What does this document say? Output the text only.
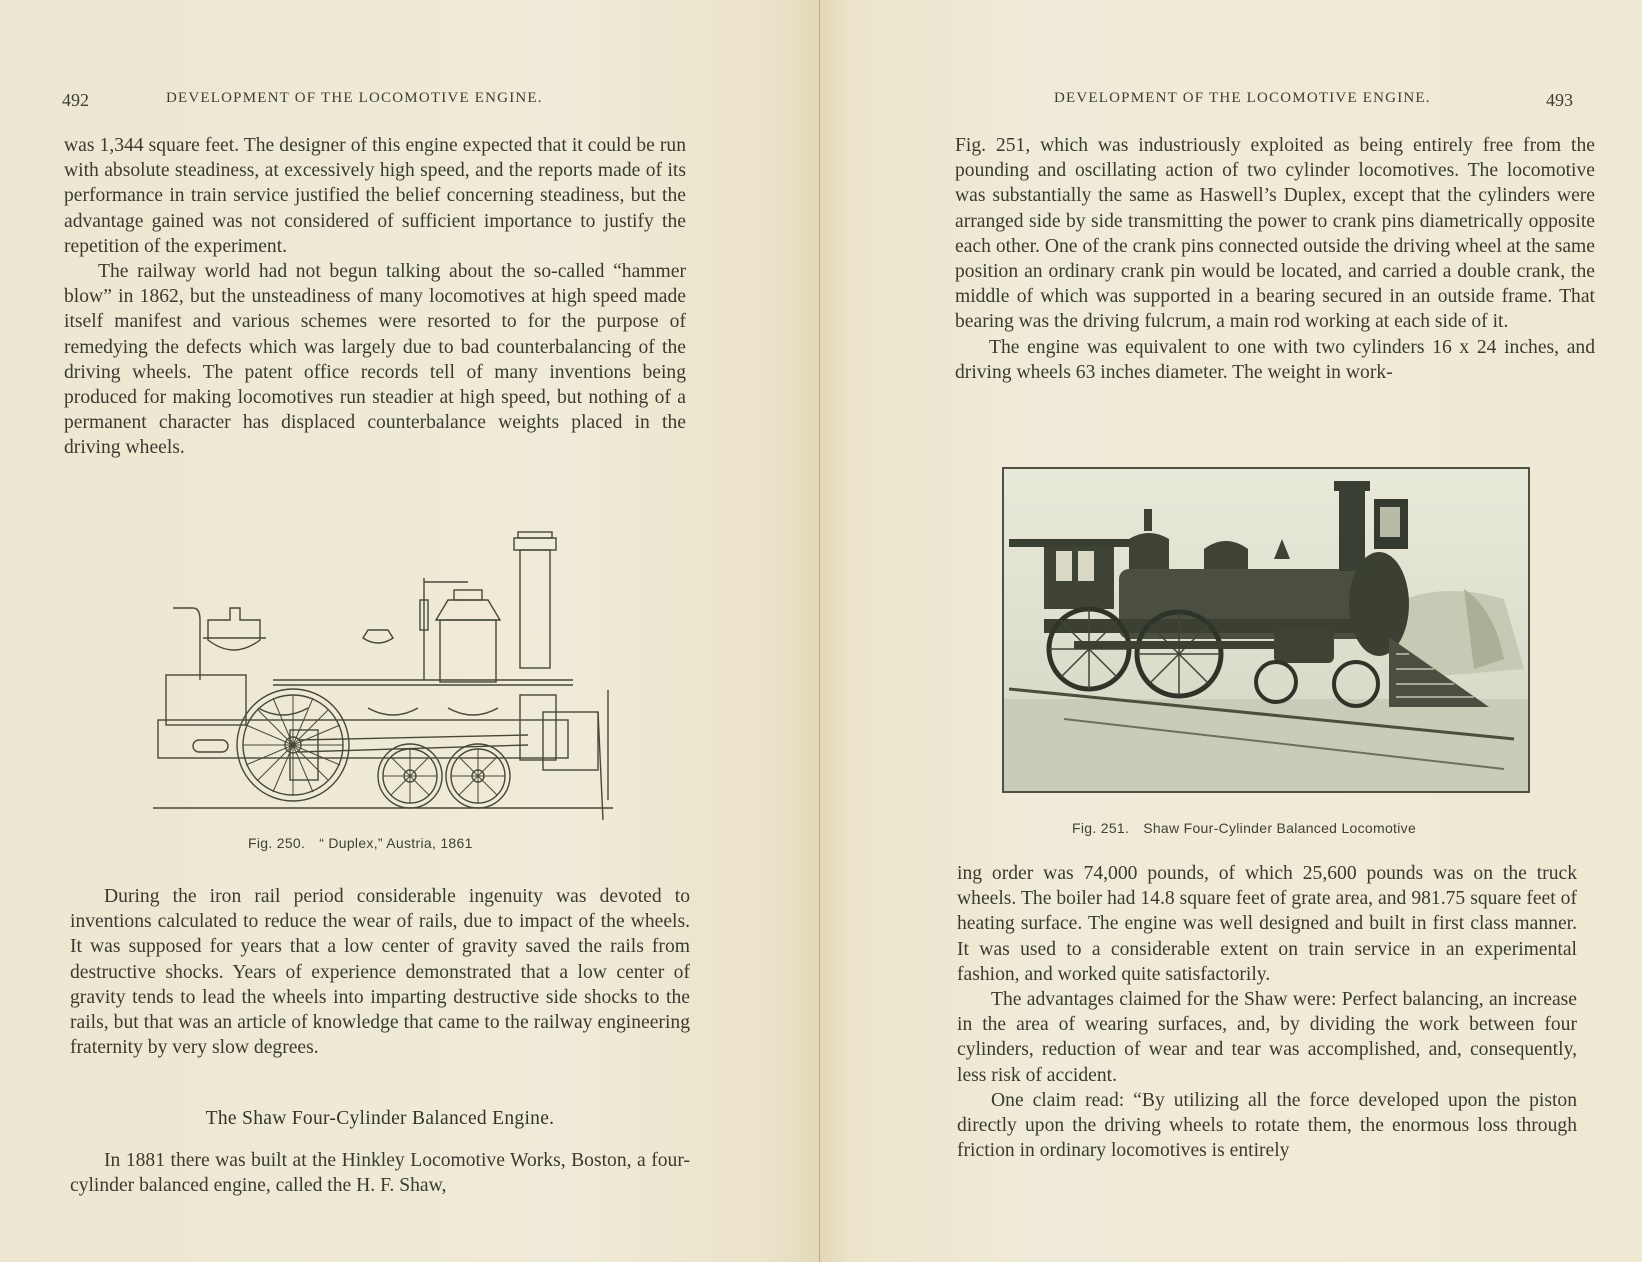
492	DEVELOPMENT OF THE LOCOMOTIVE ENGINE.

was 1,344 square feet. The designer of this engine expected that it could be run with absolute steadiness, at excessively high speed, and the reports made of its performance in train service justified the belief concerning steadiness, but the advantage gained was not considered of sufficient importance to justify the repetition of the experiment.

The railway world had not begun talking about the so-called “hammer blow” in 1862, but the unsteadiness of many locomotives at high speed made itself manifest and various schemes were resorted to for the purpose of remedying the defects which was largely due to bad counterbalancing of the driving wheels. The patent office records tell of many inventions being produced for making locomotives run steadier at high speed, but nothing of a permanent character has displaced counterbalance weights placed in the driving wheels.

Fig. 250. “ Duplex,” Austria, 1861

During the iron rail period considerable ingenuity was devoted to inventions calculated to reduce the wear of rails, due to impact of the wheels. It was supposed for years that a low center of gravity saved the rails from destructive shocks. Years of experience demonstrated that a low center of gravity tends to lead the wheels into imparting destructive side shocks to the rails, but that was an article of knowledge that came to the railway engineering fraternity by very slow degrees.

The Shaw Four-Cylinder Balanced Engine.

In 1881 there was built at the Hinkley Locomotive Works, Boston, a four-cylinder balanced engine, called the H. F. Shaw,

DEVELOPMENT OF THE LOCOMOTIVE ENGINE.	493

Fig. 251, which was industriously exploited as being entirely free from the pounding and oscillating action of two cylinder locomotives. The locomotive was substantially the same as Haswell’s Duplex, except that the cylinders were arranged side by side transmitting the power to crank pins diametrically opposite each other. One of the crank pins connected outside the driving wheel at the same position an ordinary crank pin would be located, and carried a double crank, the middle of which was supported in a bearing secured in an outside frame. That bearing was the driving fulcrum, a main rod working at each side of it.

The engine was equivalent to one with two cylinders 16 x 24 inches, and driving wheels 63 inches diameter. The weight in work-

Fig. 251. Shaw Four-Cylinder Balanced Locomotive

ing order was 74,000 pounds, of which 25,600 pounds was on the truck wheels. The boiler had 14.8 square feet of grate area, and 981.75 square feet of heating surface. The engine was well designed and built in first class manner. It was used to a considerable extent on train service in an experimental fashion, and worked quite satisfactorily.

The advantages claimed for the Shaw were: Perfect balancing, an increase in the area of wearing surfaces, and, by dividing the work between four cylinders, reduction of wear and tear was accomplished, and, consequently, less risk of accident.

One claim read: “By utilizing all the force developed upon the piston directly upon the driving wheels to rotate them, the enormous loss through friction in ordinary locomotives is entirely
